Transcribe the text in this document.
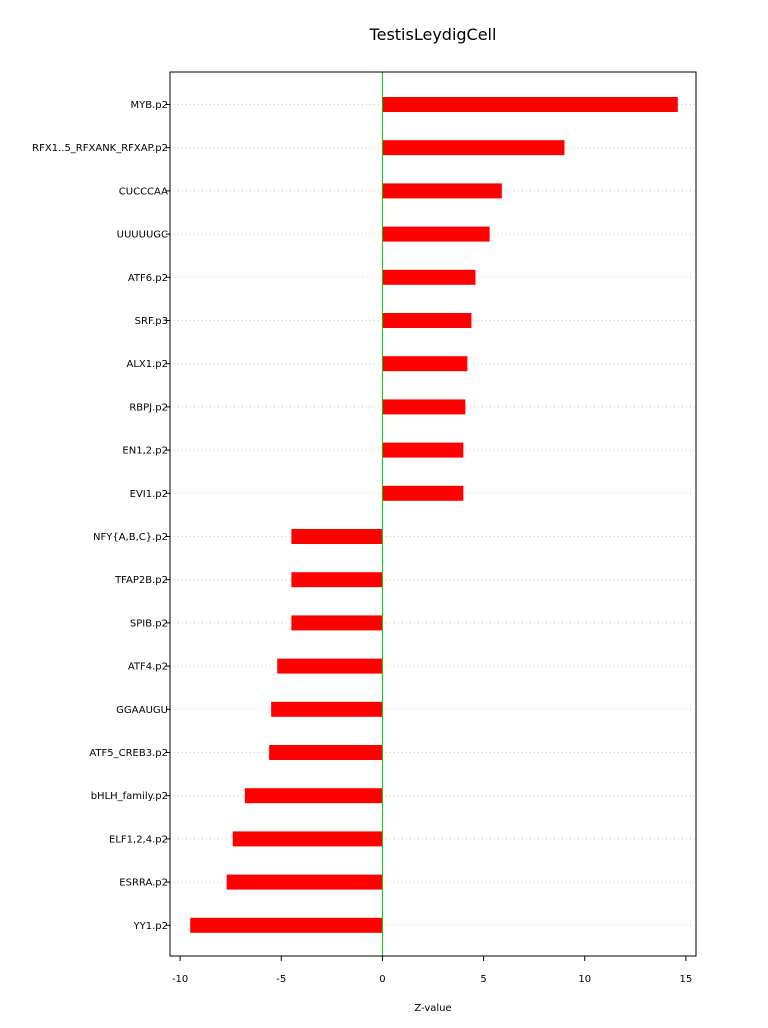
TestisLeydigCell
MYB.p2
RFX1..5_RFXANK_RFXAP.p2
CUCCCAA
UUUUUGC
ATF6.p2
SRF.p3
ALX1.p2
RBPJ.p2
EN1,2.p2
EVI1.p2
NFY{A,B,C}.p2
TFAP2B.p2
SPIB.p2
ATF4.p2
GGAAUGU
ATF5_CREB3.p2
bHLH_family.p2
ELF1,2,4.p2
ESRRA.p2
YY1.p2
-10	-5	0	5	10	15
Z-value
